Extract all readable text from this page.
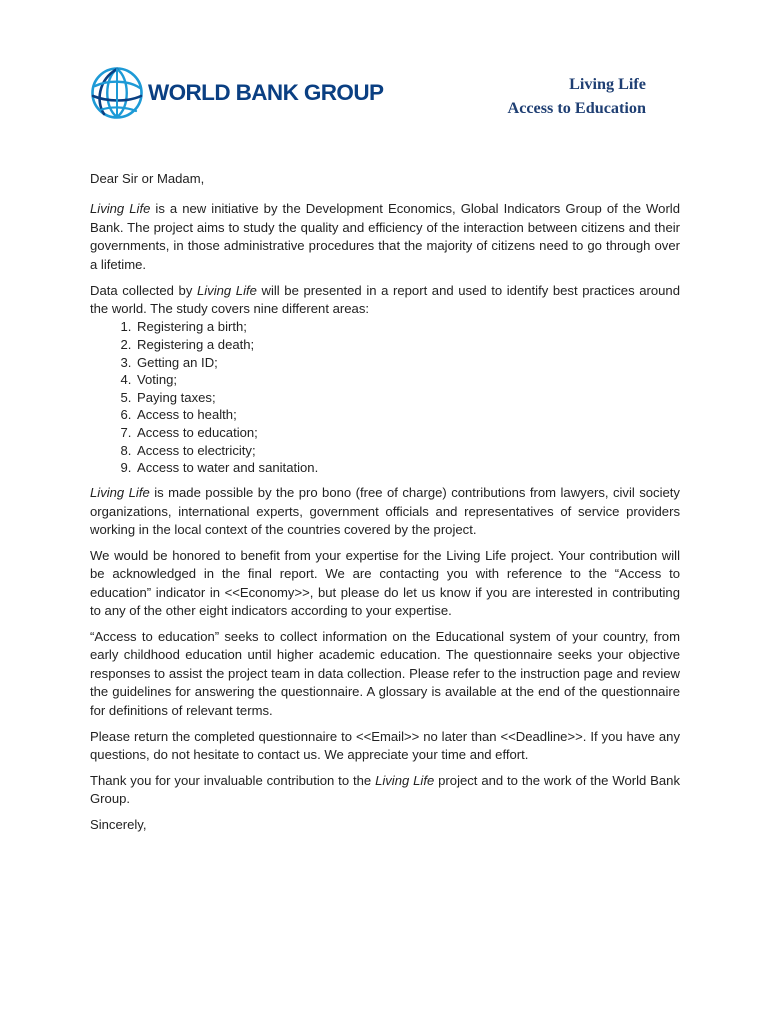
WORLD BANK GROUP	Living Life
Access to Education

Dear Sir or Madam,

Living Life is a new initiative by the Development Economics, Global Indicators Group of the World Bank. The project aims to study the quality and efficiency of the interaction between citizens and their governments, in those administrative procedures that the majority of citizens need to go through over a lifetime.

Data collected by Living Life will be presented in a report and used to identify best practices around the world. The study covers nine different areas:

1. Registering a birth;
2. Registering a death;
3. Getting an ID;
4. Voting;
5. Paying taxes;
6. Access to health;
7. Access to education;
8. Access to electricity;
9. Access to water and sanitation.

Living Life is made possible by the pro bono (free of charge) contributions from lawyers, civil society organizations, international experts, government officials and representatives of service providers working in the local context of the countries covered by the project.

We would be honored to benefit from your expertise for the Living Life project. Your contribution will be acknowledged in the final report. We are contacting you with reference to the “Access to education” indicator in <<Economy>>, but please do let us know if you are interested in contributing to any of the other eight indicators according to your expertise.

“Access to education” seeks to collect information on the Educational system of your country, from early childhood education until higher academic education. The questionnaire seeks your objective responses to assist the project team in data collection. Please refer to the instruction page and review the guidelines for answering the questionnaire. A glossary is available at the end of the questionnaire for definitions of relevant terms.

Please return the completed questionnaire to <<Email>> no later than <<Deadline>>. If you have any questions, do not hesitate to contact us. We appreciate your time and effort.

Thank you for your invaluable contribution to the Living Life project and to the work of the World Bank Group.

Sincerely,
